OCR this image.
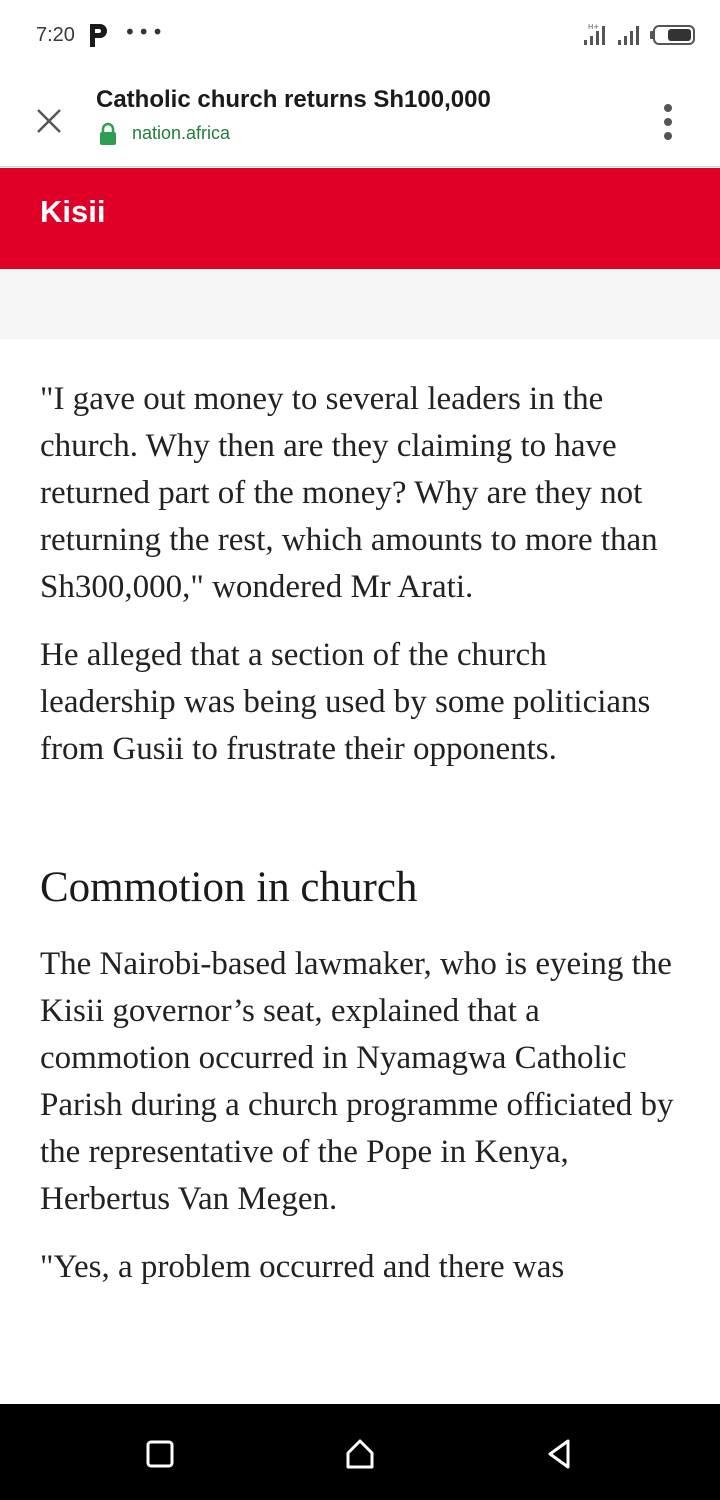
7:20 •••	H+
Catholic church returns Sh100,000
nation.africa
Kisii

"I gave out money to several leaders in the church. Why then are they claiming to have returned part of the money? Why are they not returning the rest, which amounts to more than Sh300,000," wondered Mr Arati.

He alleged that a section of the church leadership was being used by some politicians from Gusii to frustrate their opponents.

Commotion in church

The Nairobi-based lawmaker, who is eyeing the Kisii governor’s seat, explained that a commotion occurred in Nyamagwa Catholic Parish during a church programme officiated by the representative of the Pope in Kenya, Herbertus Van Megen.

"Yes, a problem occurred and there was
